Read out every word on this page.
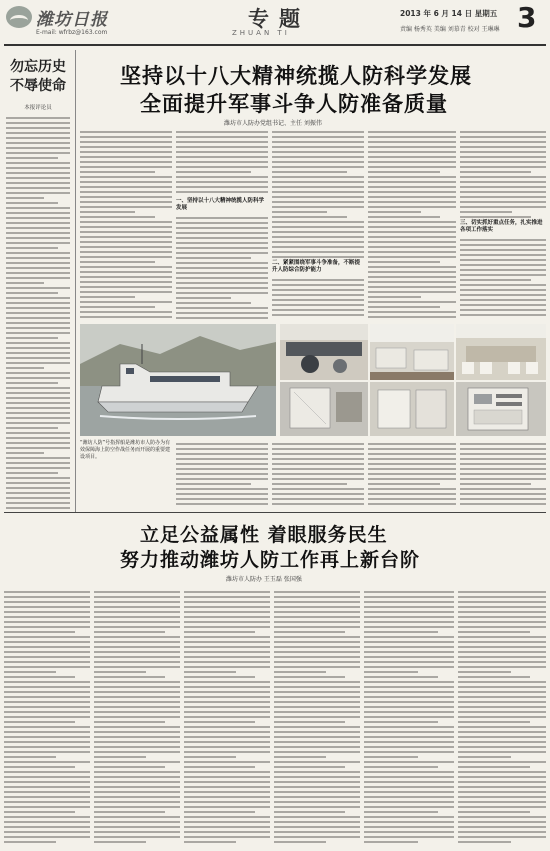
潍坊日报
E-mail: wfrbz@163.com
专题
ZHUAN TI
2013 年 6 月 14 日 星期五
责编 杨秀英 美编 刘慕青 校对 王琳琳 3
勿忘历史
不辱使命
本报评论员
坚持以十八大精神统揽人防科学发展
全面提升军事斗争人防准备质量
潍坊市人防办党组书记、主任 刘振伟
一、坚持以十八大精神统揽人防科学发展
二、紧紧围绕军事斗争准备，不断提升人防综合防护能力
三、切实抓好重点任务，扎实推进各项工作落实
“潍坊人防”号指挥船是潍坊市人防办为有效保障海上防空作战任务而开展的重要建设项目。
立足公益属性 着眼服务民生
努力推动潍坊人防工作再上新台阶
潍坊市人防办 王玉磊 张国强
